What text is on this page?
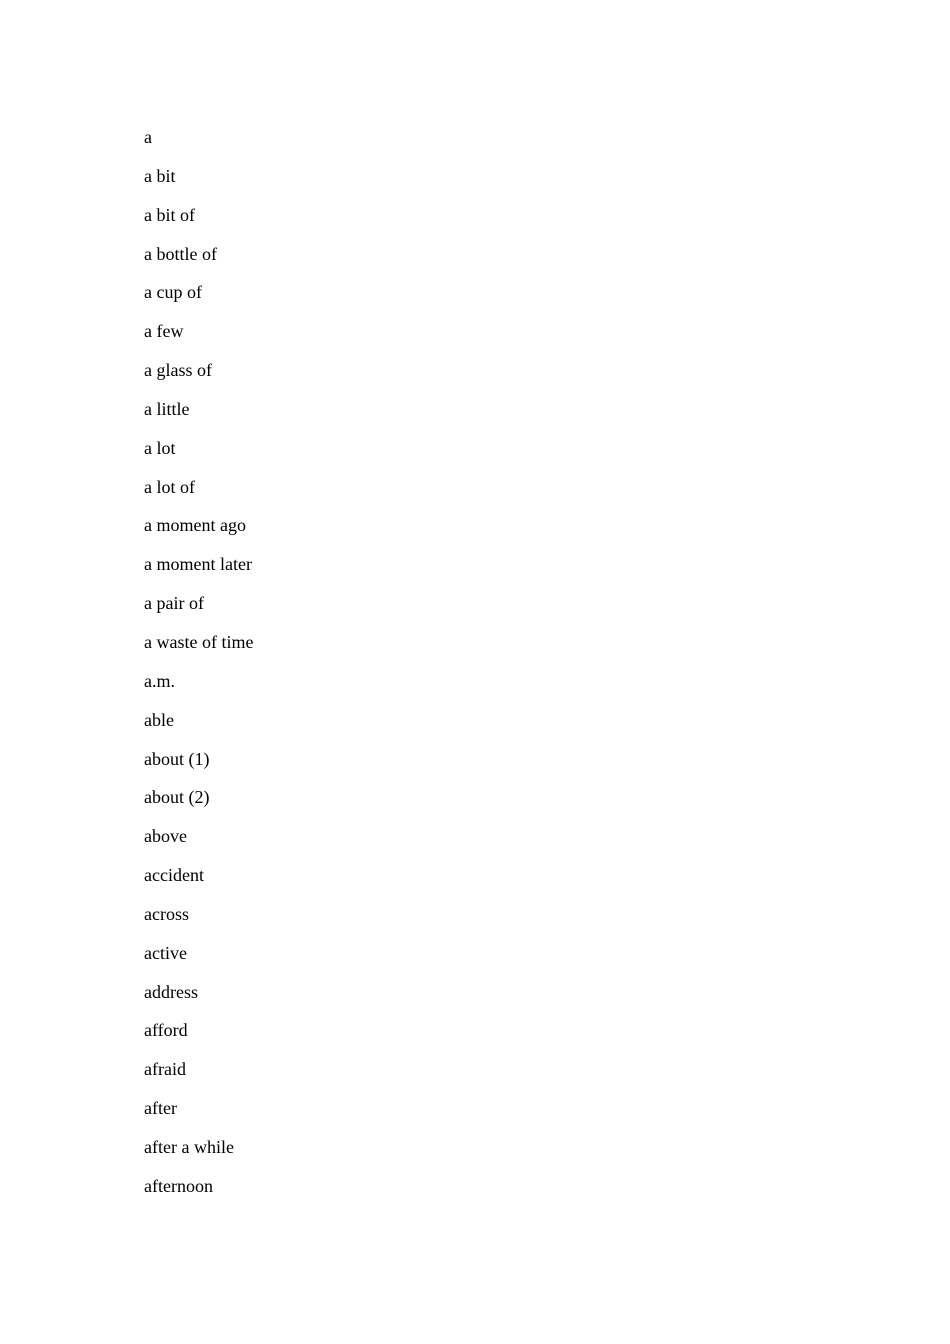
a
a bit
a bit of
a bottle of
a cup of
a few
a glass of
a little
a lot
a lot of
a moment ago
a moment later
a pair of
a waste of time
a.m.
able
about (1)
about (2)
above
accident
across
active
address
afford
afraid
after
after a while
afternoon
